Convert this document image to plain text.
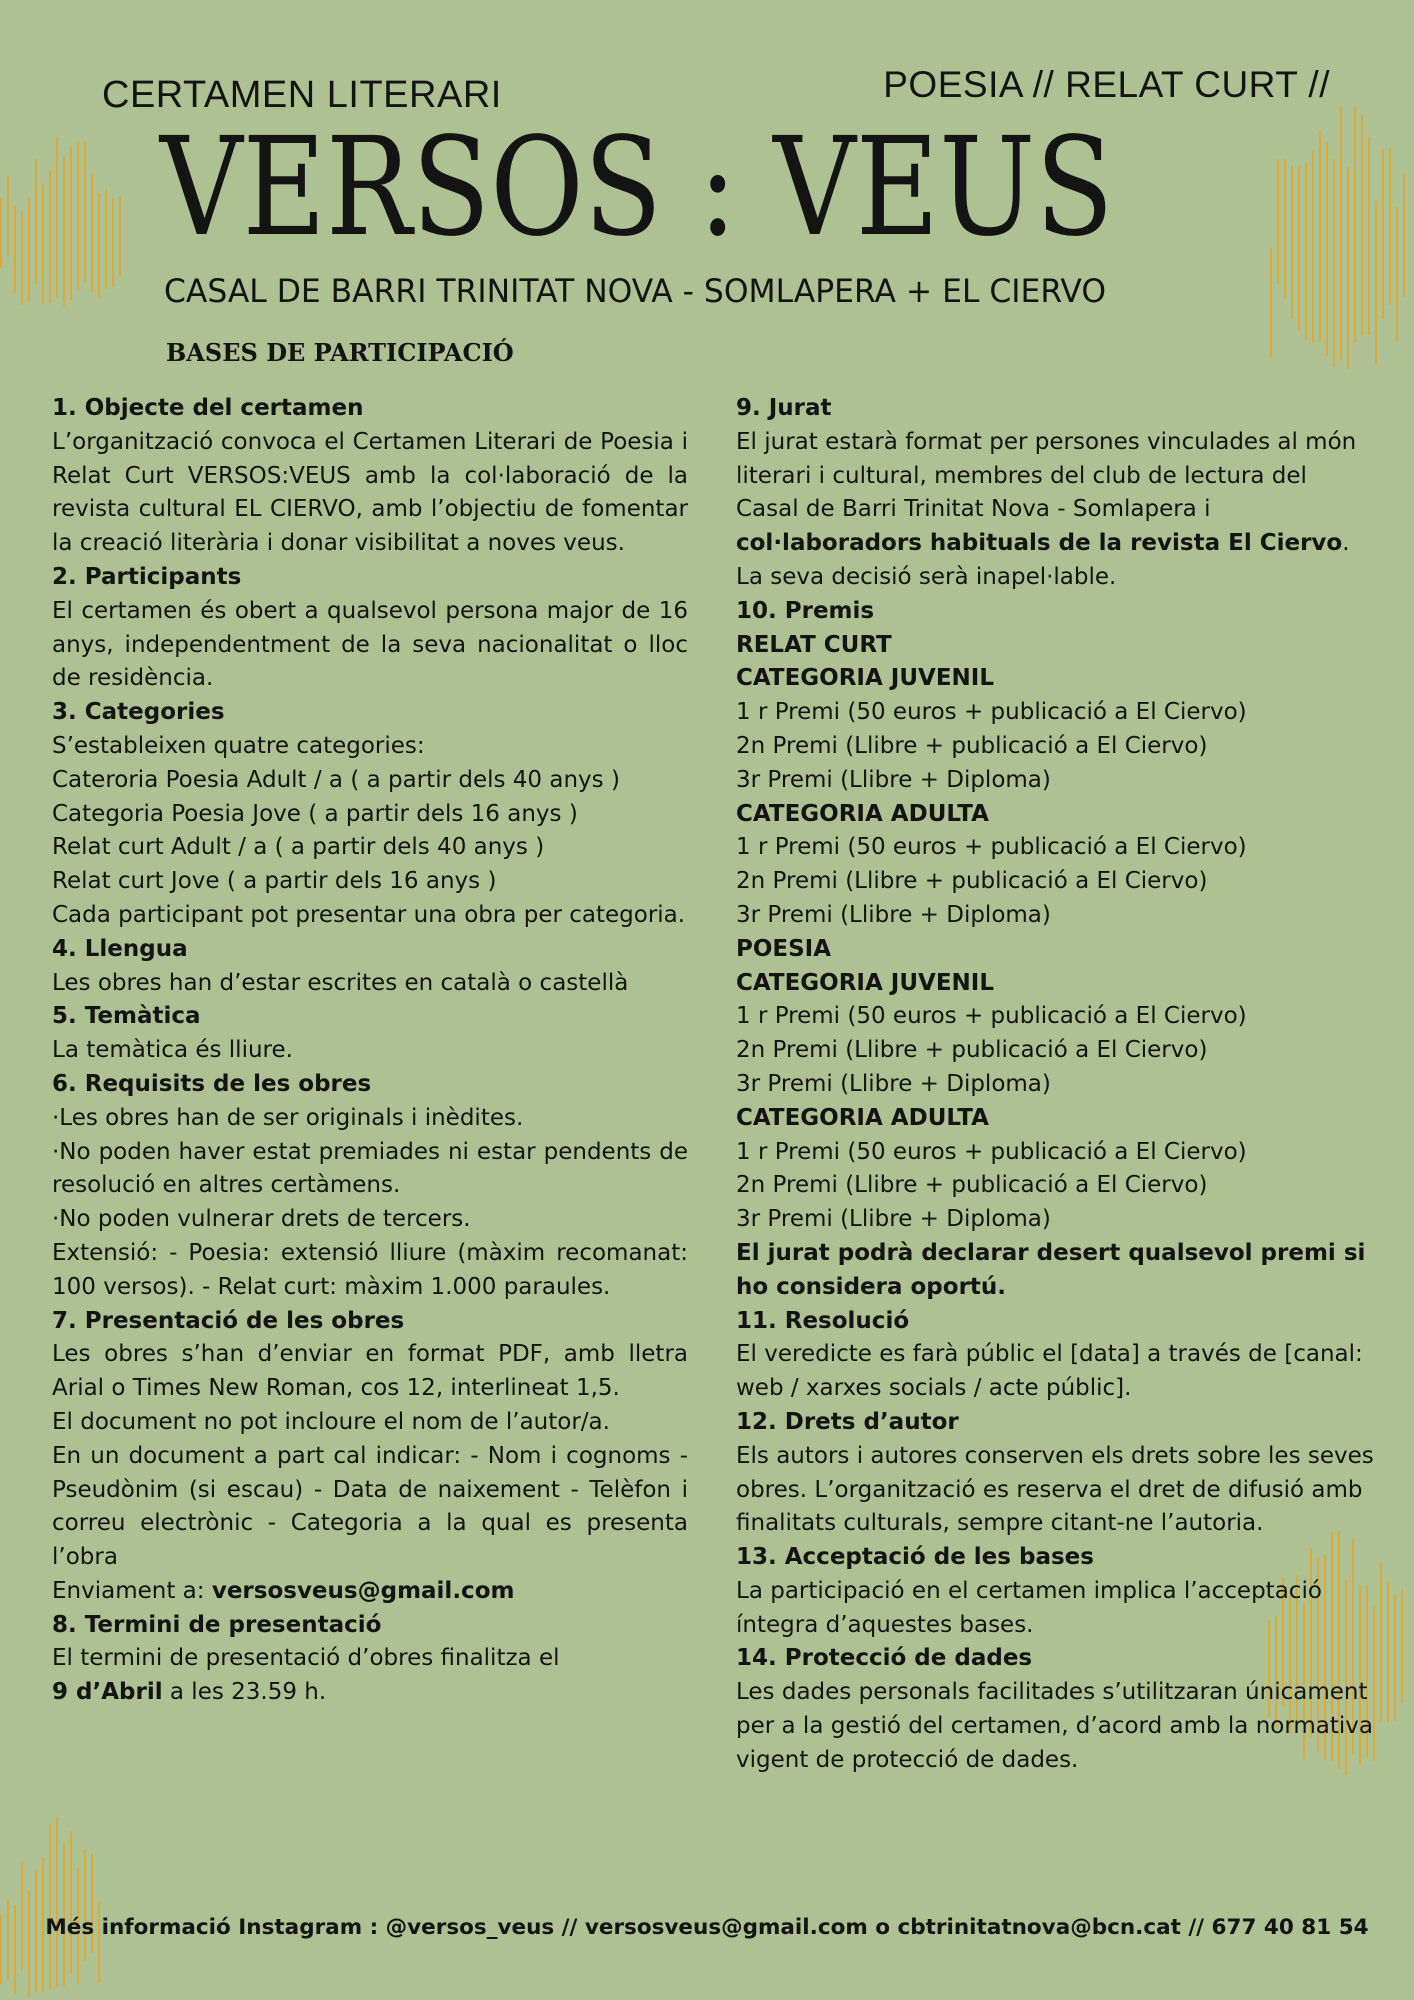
CERTAMEN LITERARI	POESIA // RELAT CURT //
VERSOS : VEUS
CASAL DE BARRI TRINITAT NOVA - SOMLAPERA + EL CIERVO
BASES DE PARTICIPACIÓ

1. Objecte del certamen

L’organització convoca el Certamen Literari de Poesia i Relat Curt VERSOS:VEUS amb la col·laboració de la revista cultural EL CIERVO, amb l’objectiu de fomentar la creació literària i donar visibilitat a noves veus.

2. Participants

El certamen és obert a qualsevol persona major de 16 anys, independentment de la seva nacionalitat o lloc de residència.

3. Categories

S’estableixen quatre categories:

Cateroria Poesia Adult / a ( a partir dels 40 anys )

Categoria Poesia Jove ( a partir dels 16 anys )

Relat curt Adult / a ( a partir dels 40 anys )

Relat curt Jove ( a partir dels 16 anys )

Cada participant pot presentar una obra per categoria.

4. Llengua

Les obres han d’estar escrites en català o castellà

5. Temàtica

La temàtica és lliure.

6. Requisits de les obres

·Les obres han de ser originals i inèdites.

·No poden haver estat premiades ni estar pendents de resolució en altres certàmens.

·No poden vulnerar drets de tercers.

Extensió: - Poesia: extensió lliure (màxim recomanat: 100 versos). - Relat curt: màxim 1.000 paraules.

7. Presentació de les obres

Les obres s’han d’enviar en format PDF, amb lletra Arial o Times New Roman, cos 12, interlineat 1,5.

El document no pot incloure el nom de l’autor/a.

En un document a part cal indicar: - Nom i cognoms - Pseudònim (si escau) - Data de naixement - Telèfon i correu electrònic - Categoria a la qual es presenta l’obra

Enviament a: versosveus@gmail.com

8. Termini de presentació

El termini de presentació d’obres finalitza el

9 d’Abril a les 23.59 h.

9. Jurat

El jurat estarà format per persones vinculades al món literari i cultural, membres del club de lectura del Casal de Barri Trinitat Nova - Somlapera i col·laboradors habituals de la revista El Ciervo.

La seva decisió serà inapel·lable.

10. Premis

RELAT CURT

CATEGORIA JUVENIL

1 r Premi (50 euros + publicació a El Ciervo)

2n Premi (Llibre + publicació a El Ciervo)

3r Premi (Llibre + Diploma)

CATEGORIA ADULTA

1 r Premi (50 euros + publicació a El Ciervo)

2n Premi (Llibre + publicació a El Ciervo)

3r Premi (Llibre + Diploma)

POESIA

CATEGORIA JUVENIL

1 r Premi (50 euros + publicació a El Ciervo)

2n Premi (Llibre + publicació a El Ciervo)

3r Premi (Llibre + Diploma)

CATEGORIA ADULTA

1 r Premi (50 euros + publicació a El Ciervo)

2n Premi (Llibre + publicació a El Ciervo)

3r Premi (Llibre + Diploma)

El jurat podrà declarar desert qualsevol premi si ho considera oportú.

11. Resolució

El veredicte es farà públic el [data] a través de [canal: web / xarxes socials / acte públic].

12. Drets d’autor

Els autors i autores conserven els drets sobre les seves obres. L’organització es reserva el dret de difusió amb finalitats culturals, sempre citant-ne l’autoria.

13. Acceptació de les bases

La participació en el certamen implica l’acceptació íntegra d’aquestes bases.

14. Protecció de dades

Les dades personals facilitades s’utilitzaran únicament per a la gestió del certamen, d’acord amb la normativa vigent de protecció de dades.

Més informació Instagram : @versos_veus // versosveus@gmail.com o cbtrinitatnova@bcn.cat // 677 40 81 54
